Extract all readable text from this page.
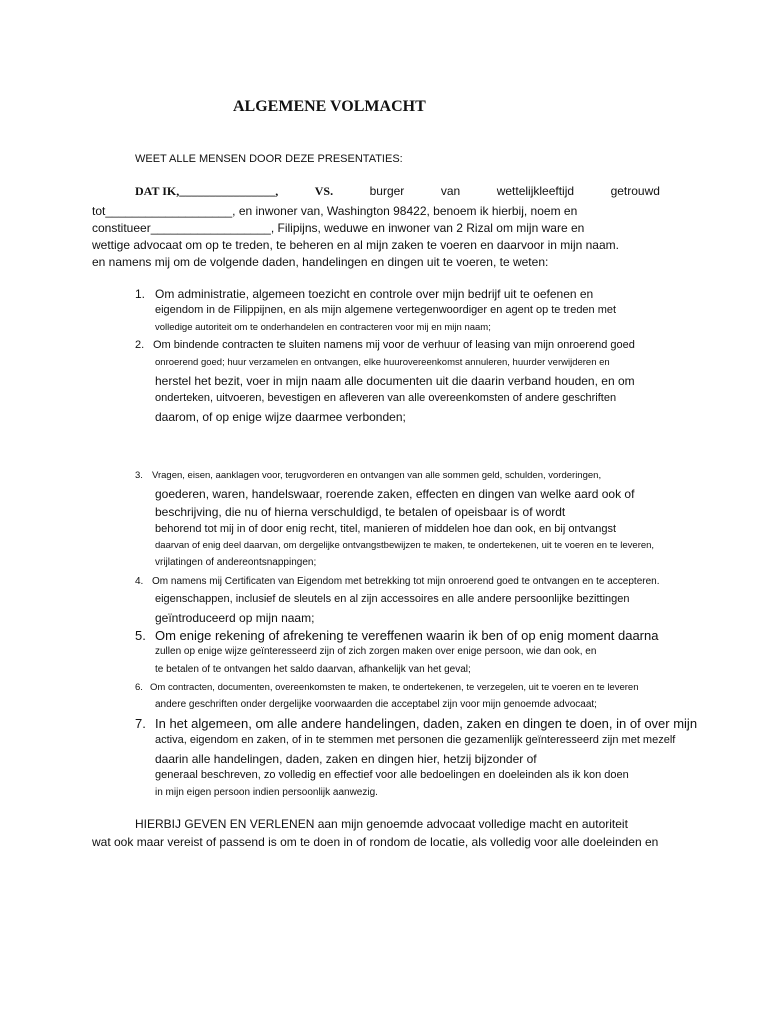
ALGEMENE VOLMACHT

WEET ALLE MENSEN DOOR DEZE PRESENTATIES:

DAT IK,________________,	VS.	burger	van	wettelijkleeftijd	getrouwd

tot___________________, en inwoner van, Washington 98422, benoem ik hierbij, noem en

constitueer__________________, Filipijns, weduwe en inwoner van 2 Rizal om mijn ware en

wettige advocaat om op te treden, te beheren en al mijn zaken te voeren en daarvoor in mijn naam.

en namens mij om de volgende daden, handelingen en dingen uit te voeren, te weten:

1. Om administratie, algemeen toezicht en controle over mijn bedrijf uit te oefenen en

eigendom in de Filippijnen, en als mijn algemene vertegenwoordiger en agent op te treden met

volledige autoriteit om te onderhandelen en contracteren voor mij en mijn naam;

2. Om bindende contracten te sluiten namens mij voor de verhuur of leasing van mijn onroerend goed

onroerend goed; huur verzamelen en ontvangen, elke huurovereenkomst annuleren, huurder verwijderen en

herstel het bezit, voer in mijn naam alle documenten uit die daarin verband houden, en om

onderteken, uitvoeren, bevestigen en afleveren van alle overeenkomsten of andere geschriften

daarom, of op enige wijze daarmee verbonden;

3. Vragen, eisen, aanklagen voor, terugvorderen en ontvangen van alle sommen geld, schulden, vorderingen,

goederen, waren, handelswaar, roerende zaken, effecten en dingen van welke aard ook of

beschrijving, die nu of hierna verschuldigd, te betalen of opeisbaar is of wordt

behorend tot mij in of door enig recht, titel, manieren of middelen hoe dan ook, en bij ontvangst

daarvan of enig deel daarvan, om dergelijke ontvangstbewijzen te maken, te ondertekenen, uit te voeren en te leveren,

vrijlatingen of andereontsnappingen;

4. Om namens mij Certificaten van Eigendom met betrekking tot mijn onroerend goed te ontvangen en te accepteren.

eigenschappen, inclusief de sleutels en al zijn accessoires en alle andere persoonlijke bezittingen

geïntroduceerd op mijn naam;

5. Om enige rekening of afrekening te vereffenen waarin ik ben of op enig moment daarna

zullen op enige wijze geïnteresseerd zijn of zich zorgen maken over enige persoon, wie dan ook, en

te betalen of te ontvangen het saldo daarvan, afhankelijk van het geval;

6. Om contracten, documenten, overeenkomsten te maken, te ondertekenen, te verzegelen, uit te voeren en te leveren

andere geschriften onder dergelijke voorwaarden die acceptabel zijn voor mijn genoemde advocaat;

7. In het algemeen, om alle andere handelingen, daden, zaken en dingen te doen, in of over mijn

activa, eigendom en zaken, of in te stemmen met personen die gezamenlijk geïnteresseerd zijn met mezelf

daarin alle handelingen, daden, zaken en dingen hier, hetzij bijzonder of

generaal beschreven, zo volledig en effectief voor alle bedoelingen en doeleinden als ik kon doen

in mijn eigen persoon indien persoonlijk aanwezig.

HIERBIJ GEVEN EN VERLENEN aan mijn genoemde advocaat volledige macht en autoriteit

wat ook maar vereist of passend is om te doen in of rondom de locatie, als volledig voor alle doeleinden en
